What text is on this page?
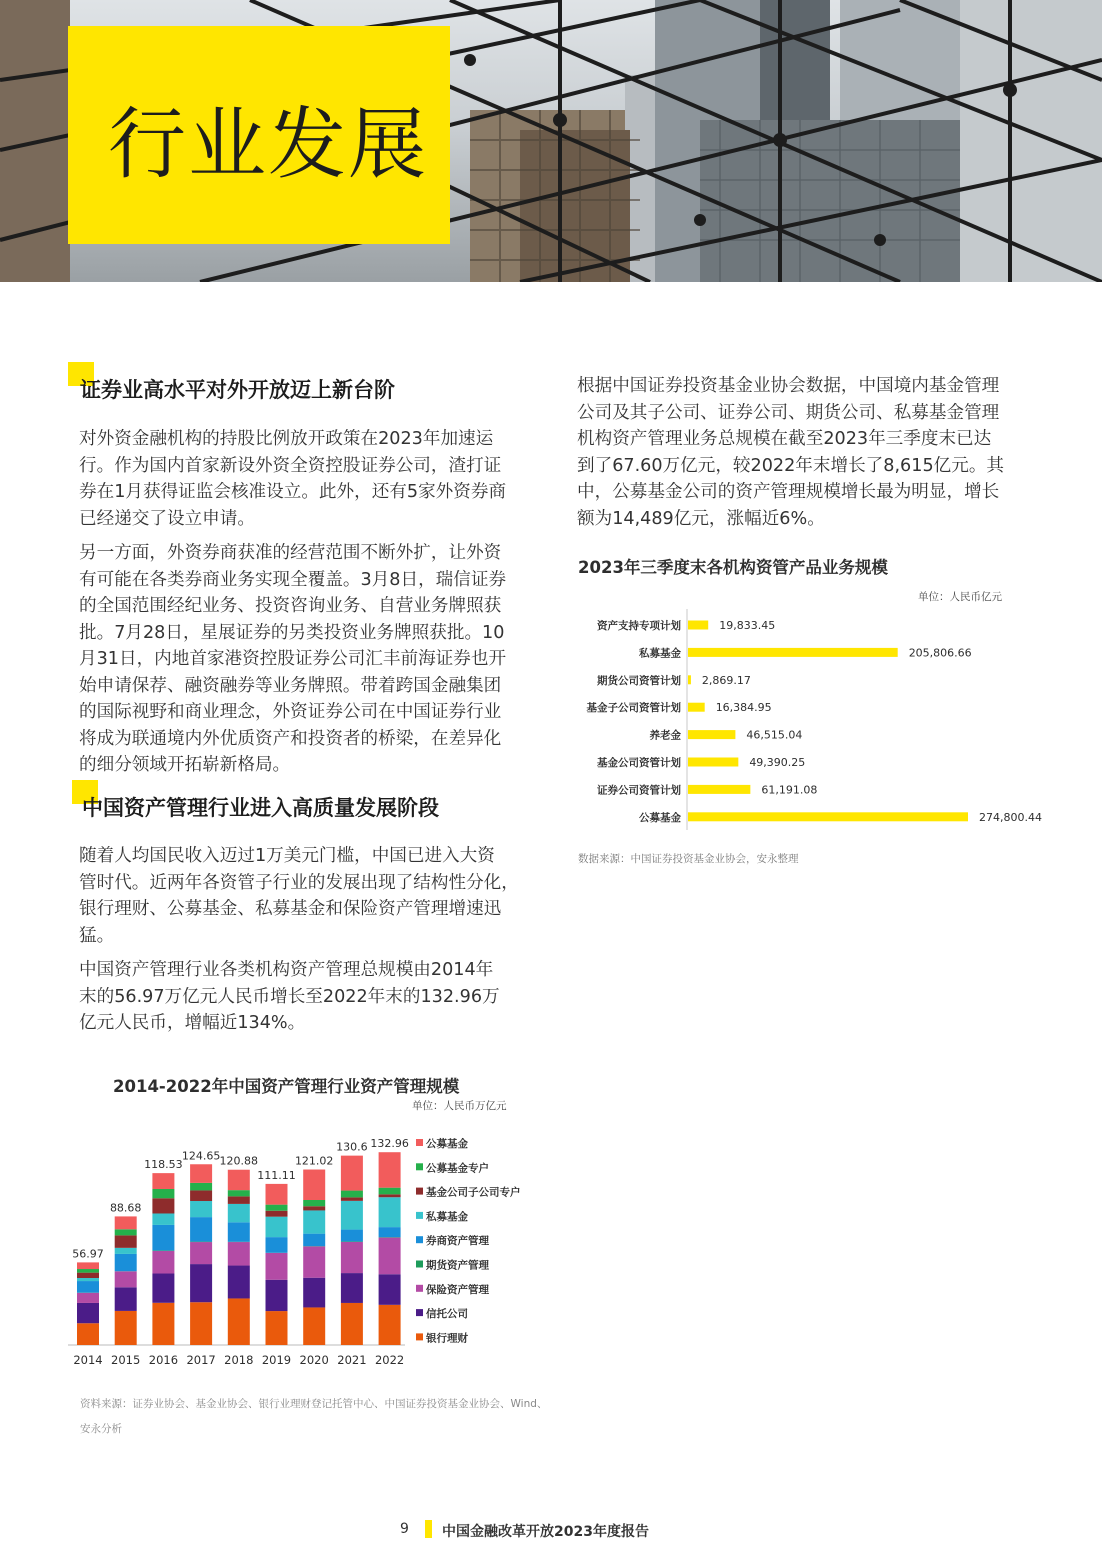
行业发展
证券业高水平对外开放迈上新台阶
对外资金融机构的持股比例放开政策在2023年加速运
行。作为国内首家新设外资全资控股证券公司，渣打证
券在1月获得证监会核准设立。此外，还有5家外资券商
已经递交了设立申请。
另一方面，外资券商获准的经营范围不断外扩，让外资
有可能在各类券商业务实现全覆盖。3月8日，瑞信证券
的全国范围经纪业务、投资咨询业务、自营业务牌照获
批。7月28日，星展证券的另类投资业务牌照获批。10
月31日，内地首家港资控股证券公司汇丰前海证券也开
始申请保荐、融资融券等业务牌照。带着跨国金融集团
的国际视野和商业理念，外资证券公司在中国证券行业
将成为联通境内外优质资产和投资者的桥梁，在差异化
的细分领域开拓崭新格局。
中国资产管理行业进入高质量发展阶段
随着人均国民收入迈过1万美元门槛，中国已进入大资
管时代。近两年各资管子行业的发展出现了结构性分化，
银行理财、公募基金、私募基金和保险资产管理增速迅
猛。
中国资产管理行业各类机构资产管理总规模由2014年
末的56.97万亿元人民币增长至2022年末的132.96万
亿元人民币，增幅近134%。
根据中国证券投资基金业协会数据，中国境内基金管理
公司及其子公司、证券公司、期货公司、私募基金管理
机构资产管理业务总规模在截至2023年三季度末已达
到了67.60万亿元，较2022年末增长了8,615亿元。其
中，公募基金公司的资产管理规模增长最为明显，增长
额为14,489亿元，涨幅近6%。
2023年三季度末各机构资管产品业务规模
单位：人民币亿元
资产支持专项计划	19,833.45
私募基金	205,806.66
期货公司资管计划 2,869.17
基金子公司资管计划	16,384.95
养老金	46,515.04
基金公司资管计划	49,390.25
证券公司资管计划	61,191.08
公募基金	274,800.44
数据来源：中国证券投资基金业协会，安永整理
2014-2022年中国资产管理行业资产管理规模
单位：人民币万亿元
56.97
2014
88.68
2015
118.53
2016
124.65
2017
120.88
2018
111.11
2019
121.02
2020
130.6
2021
132.96
2022
公募基金
公募基金专户
基金公司子公司专户
私募基金
券商资产管理
期货资产管理
保险资产管理
信托公司
银行理财
资料来源：证券业协会、基金业协会、银行业理财登记托管中心、中国证券投资基金业协会、Wind、安永分析
9 中国金融改革开放2023年度报告
